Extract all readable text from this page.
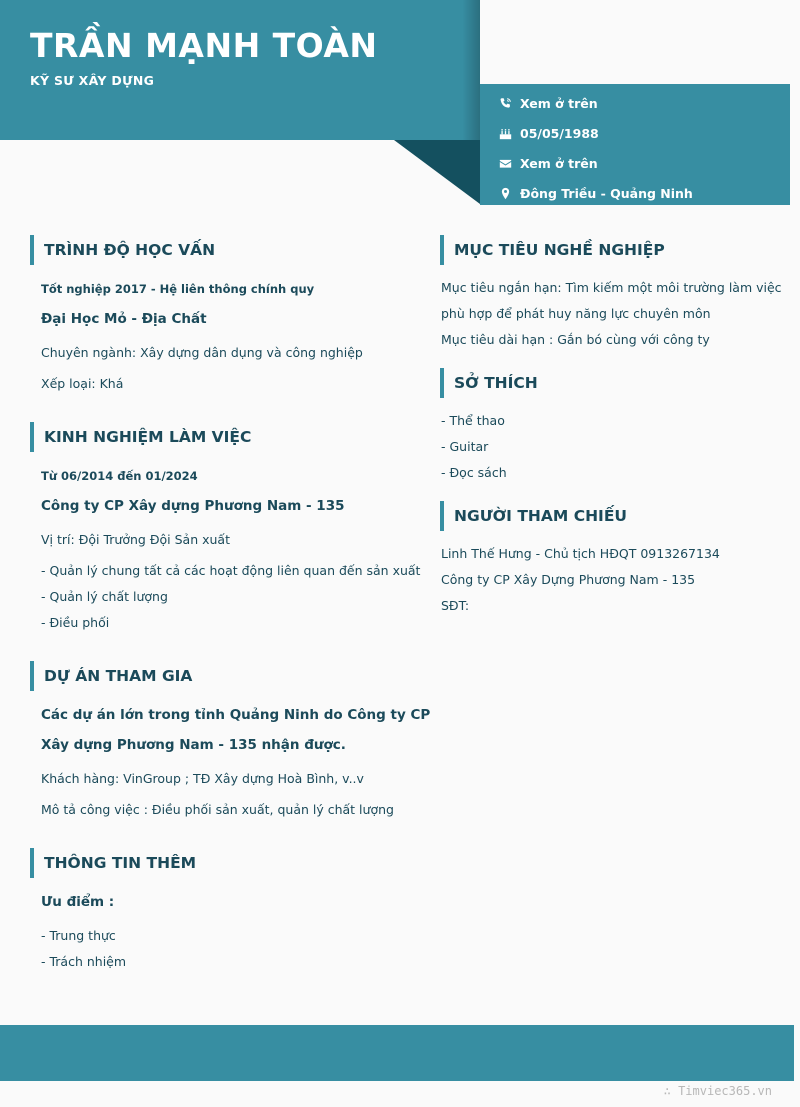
TRẦN MẠNH TOÀN
KỸ SƯ XÂY DỰNG
Xem ở trên
05/05/1988
Xem ở trên
Đông Triều - Quảng Ninh
TRÌNH ĐỘ HỌC VẤN
Tốt nghiệp 2017 - Hệ liên thông chính quy
Đại Học Mỏ - Địa Chất
Chuyên ngành: Xây dựng dân dụng và công nghiệp
Xếp loại: Khá
KINH NGHIỆM LÀM VIỆC
Từ 06/2014 đến 01/2024
Công ty CP Xây dựng Phương Nam - 135
Vị trí: Đội Trưởng Đội Sản xuất
- Quản lý chung tất cả các hoạt động liên quan đến sản xuất
- Quản lý chất lượng
- Điều phối
DỰ ÁN THAM GIA
Các dự án lớn trong tỉnh Quảng Ninh do Công ty CP
Xây dựng Phương Nam - 135 nhận được.
Khách hàng: VinGroup ; TĐ Xây dựng Hoà Bình, v..v
Mô tả công việc : Điều phối sản xuất, quản lý chất lượng
THÔNG TIN THÊM
Ưu điểm :
- Trung thực
- Trách nhiệm
MỤC TIÊU NGHỀ NGHIỆP
Mục tiêu ngắn hạn: Tìm kiếm một môi trường làm việc
phù hợp để phát huy năng lực chuyên môn
Mục tiêu dài hạn : Gắn bó cùng với công ty
SỞ THÍCH
- Thể thao
- Guitar
- Đọc sách
NGƯỜI THAM CHIẾU
Linh Thế Hưng - Chủ tịch HĐQT 0913267134
Công ty CP Xây Dựng Phương Nam - 135
SĐT:
∴ Timviec365.vn
